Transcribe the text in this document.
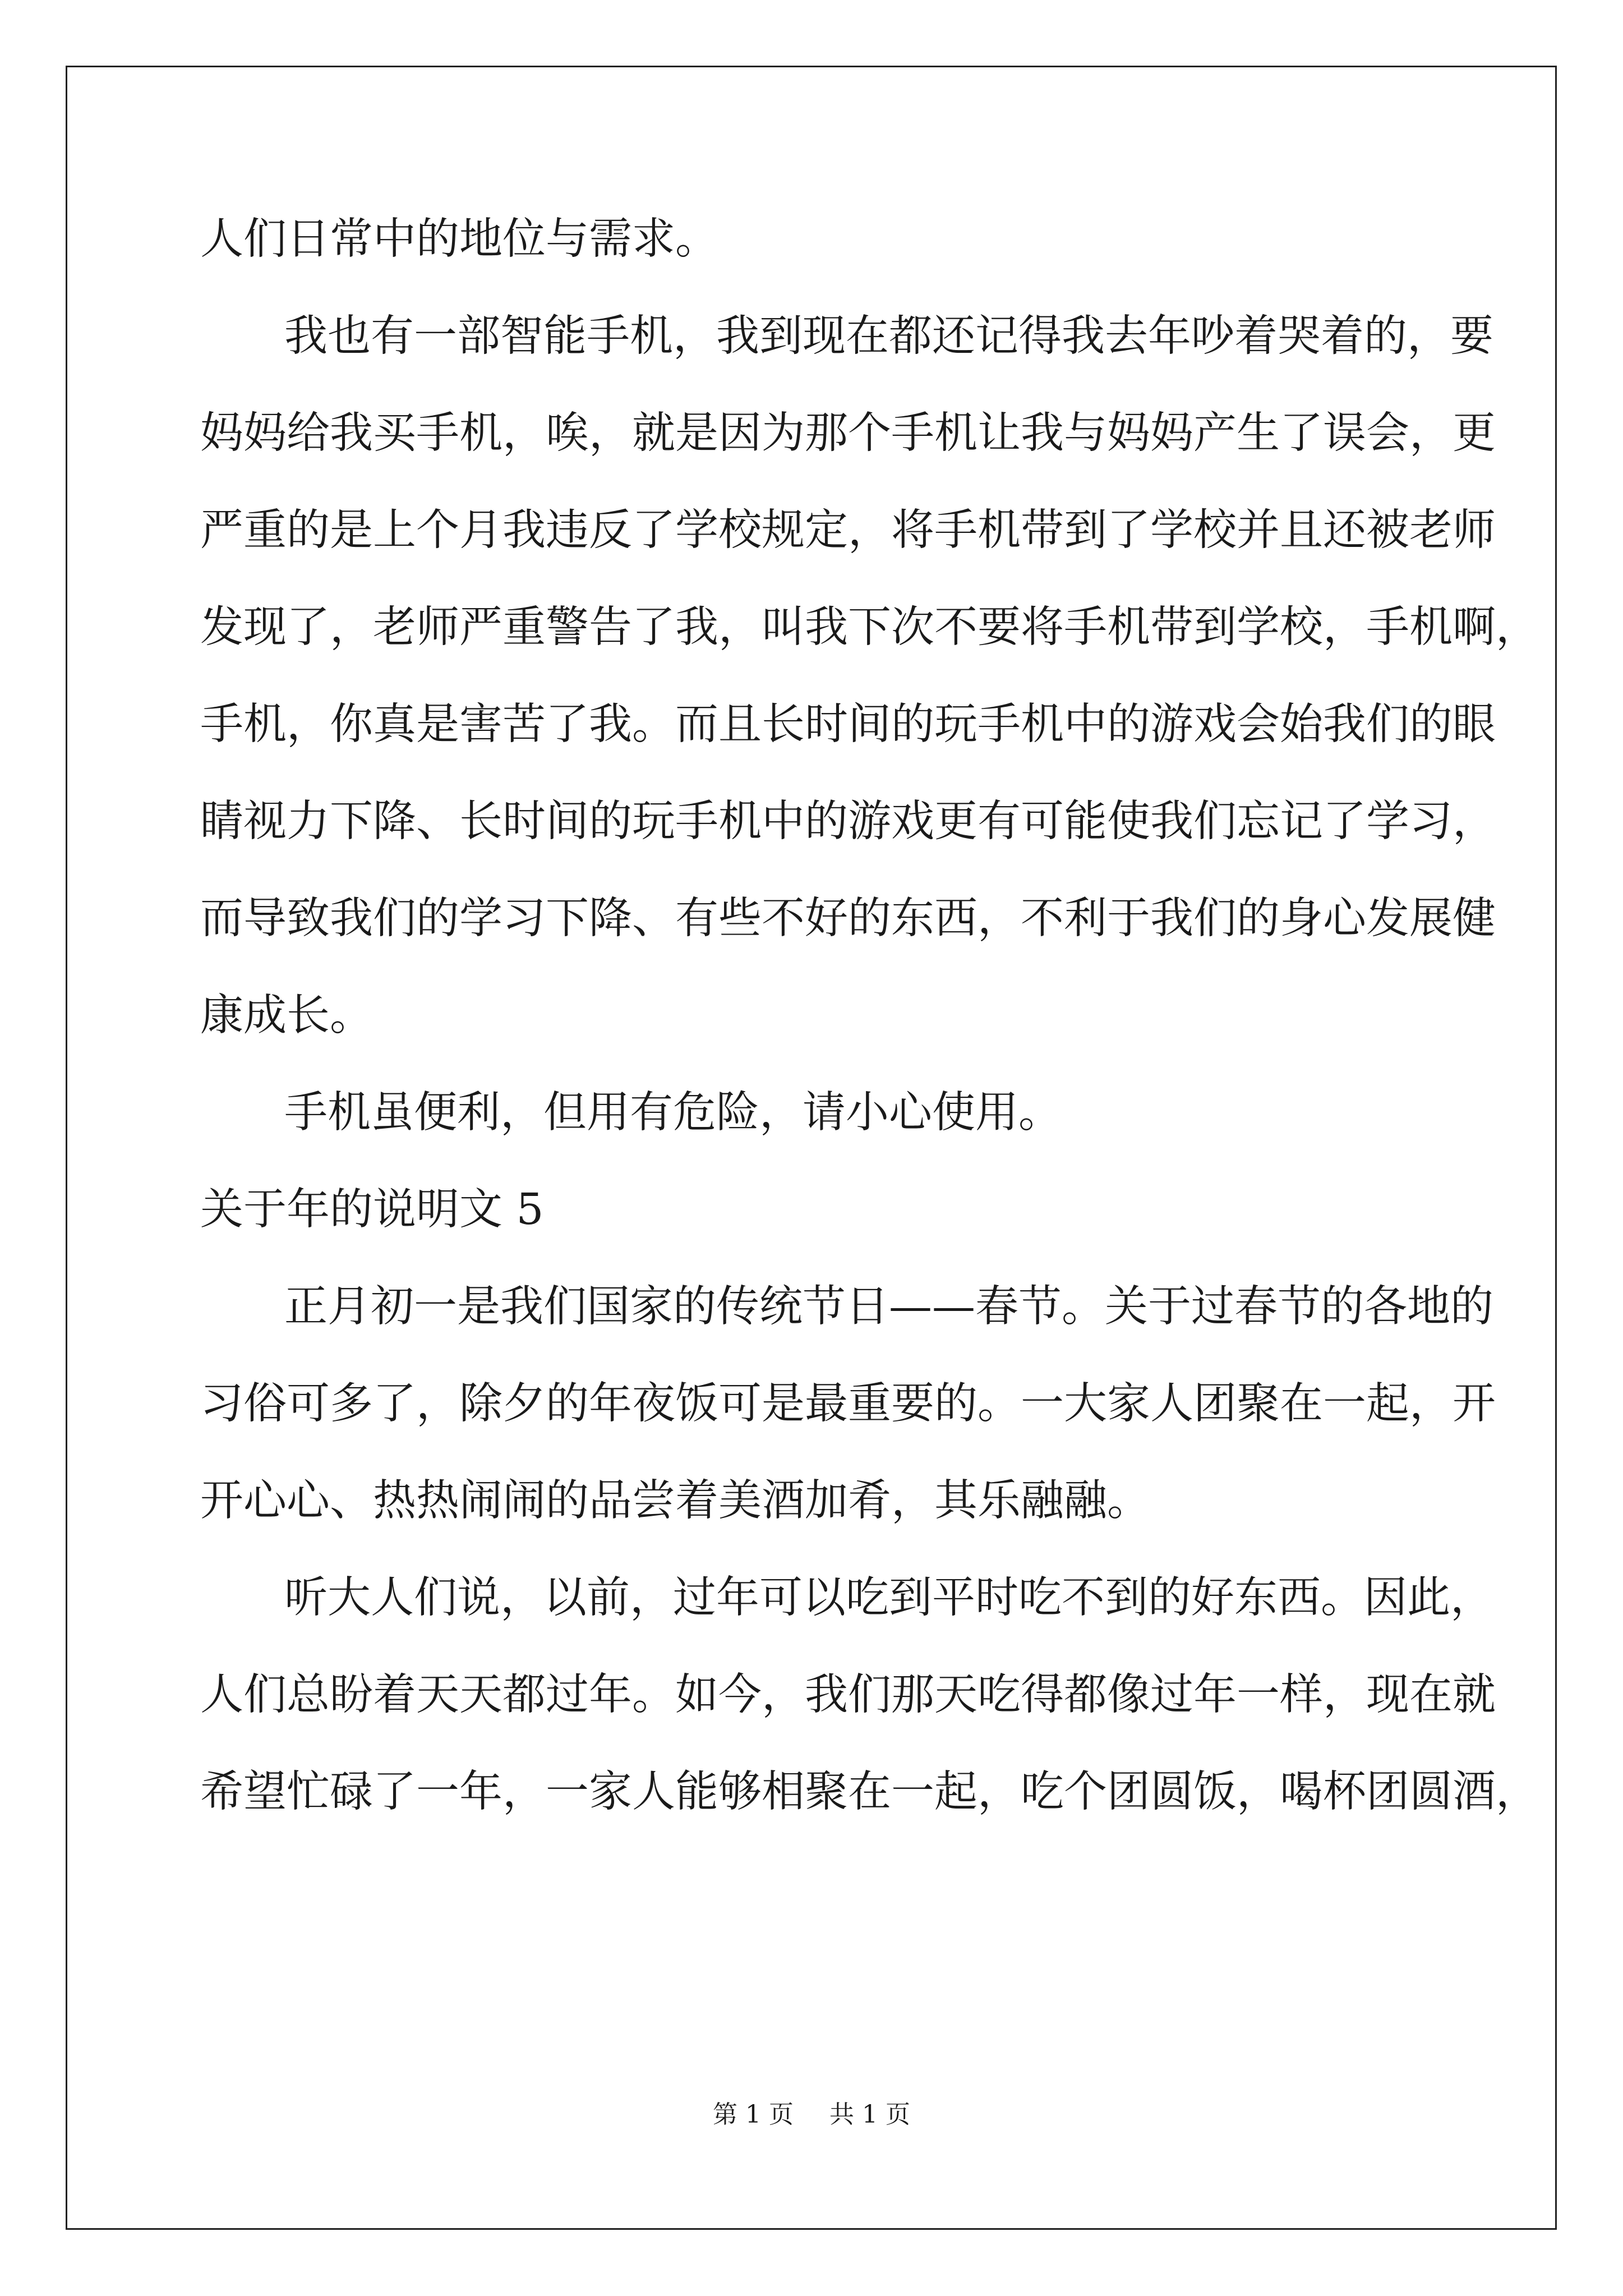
人们日常中的地位与需求。
我也有一部智能手机，我到现在都还记得我去年吵着哭着的，要
妈妈给我买手机，唉，就是因为那个手机让我与妈妈产生了误会，更
严重的是上个月我违反了学校规定，将手机带到了学校并且还被老师
发现了，老师严重警告了我，叫我下次不要将手机带到学校，手机啊，
手机，你真是害苦了我。而且长时间的玩手机中的游戏会始我们的眼
睛视力下降、长时间的玩手机中的游戏更有可能使我们忘记了学习，
而导致我们的学习下降、有些不好的东西，不利于我们的身心发展健
康成长。
手机虽便利，但用有危险，请小心使用。
关于年的说明文 5
正月初一是我们国家的传统节日——春节。关于过春节的各地的
习俗可多了，除夕的年夜饭可是最重要的。一大家人团聚在一起，开
开心心、热热闹闹的品尝着美酒加肴，其乐融融。
听大人们说，以前，过年可以吃到平时吃不到的好东西。因此，
人们总盼着天天都过年。如今，我们那天吃得都像过年一样，现在就
希望忙碌了一年，一家人能够相聚在一起，吃个团圆饭，喝杯团圆酒，
第 1 页 共 1 页
